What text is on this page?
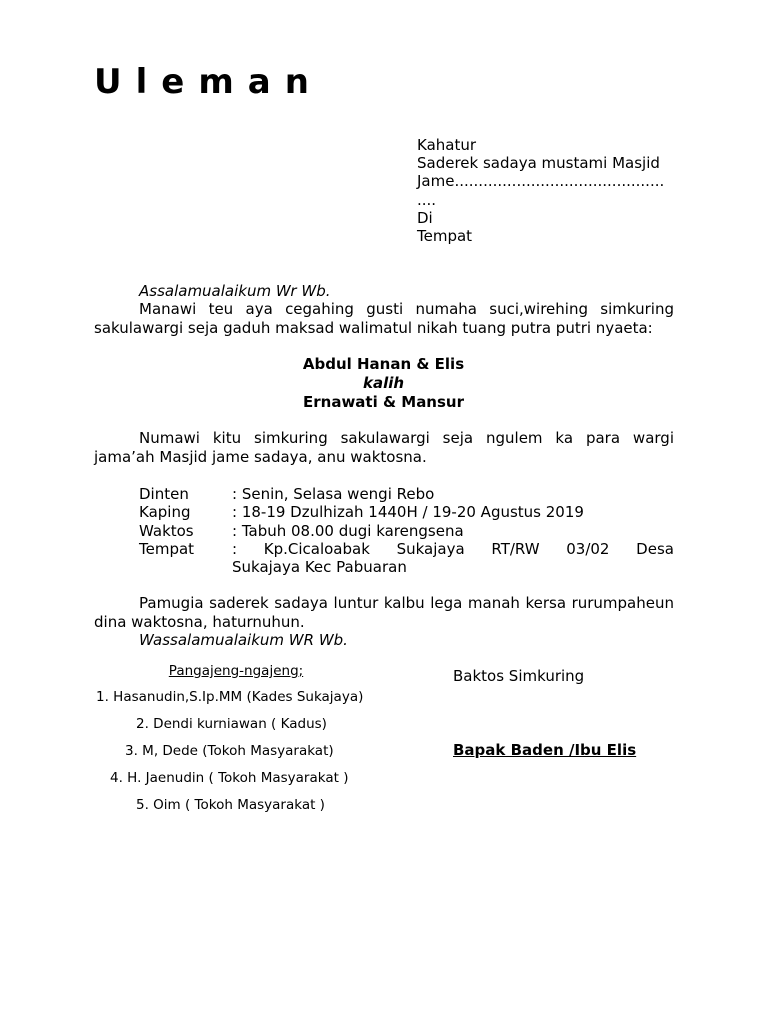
Uleman
Kahatur
Saderek sadaya mustami Masjid
Jame............................................
....
Di
Tempat
Assalamualaikum Wr Wb.
Manawi teu aya cegahing gusti numaha suci,wirehing simkuring sakulawargi seja gaduh maksad walimatul nikah tuang putra putri nyaeta:
Abdul Hanan & Elis
kalih
Ernawati & Mansur
Numawi kitu simkuring sakulawargi seja ngulem ka para wargi jama’ah Masjid jame sadaya, anu waktosna.
Dinten	: Senin, Selasa wengi Rebo
Kaping	: 18-19 Dzulhizah 1440H / 19-20 Agustus 2019
Waktos	: Tabuh 08.00 dugi karengsena
Tempat	: Kp.Cicaloabak Sukajaya RT/RW 03/02 Desa
Sukajaya Kec Pabuaran
Pamugia saderek sadaya luntur kalbu lega manah kersa rurumpaheun dina waktosna, haturnuhun.
Wassalamualaikum WR Wb.
Pangajeng-ngajeng;
1. Hasanudin,S.Ip.MM (Kades Sukajaya)
2. Dendi kurniawan ( Kadus)
3. M, Dede (Tokoh Masyarakat)
4. H. Jaenudin ( Tokoh Masyarakat )
5. Oim ( Tokoh Masyarakat )
Baktos Simkuring
Bapak Baden /Ibu Elis
